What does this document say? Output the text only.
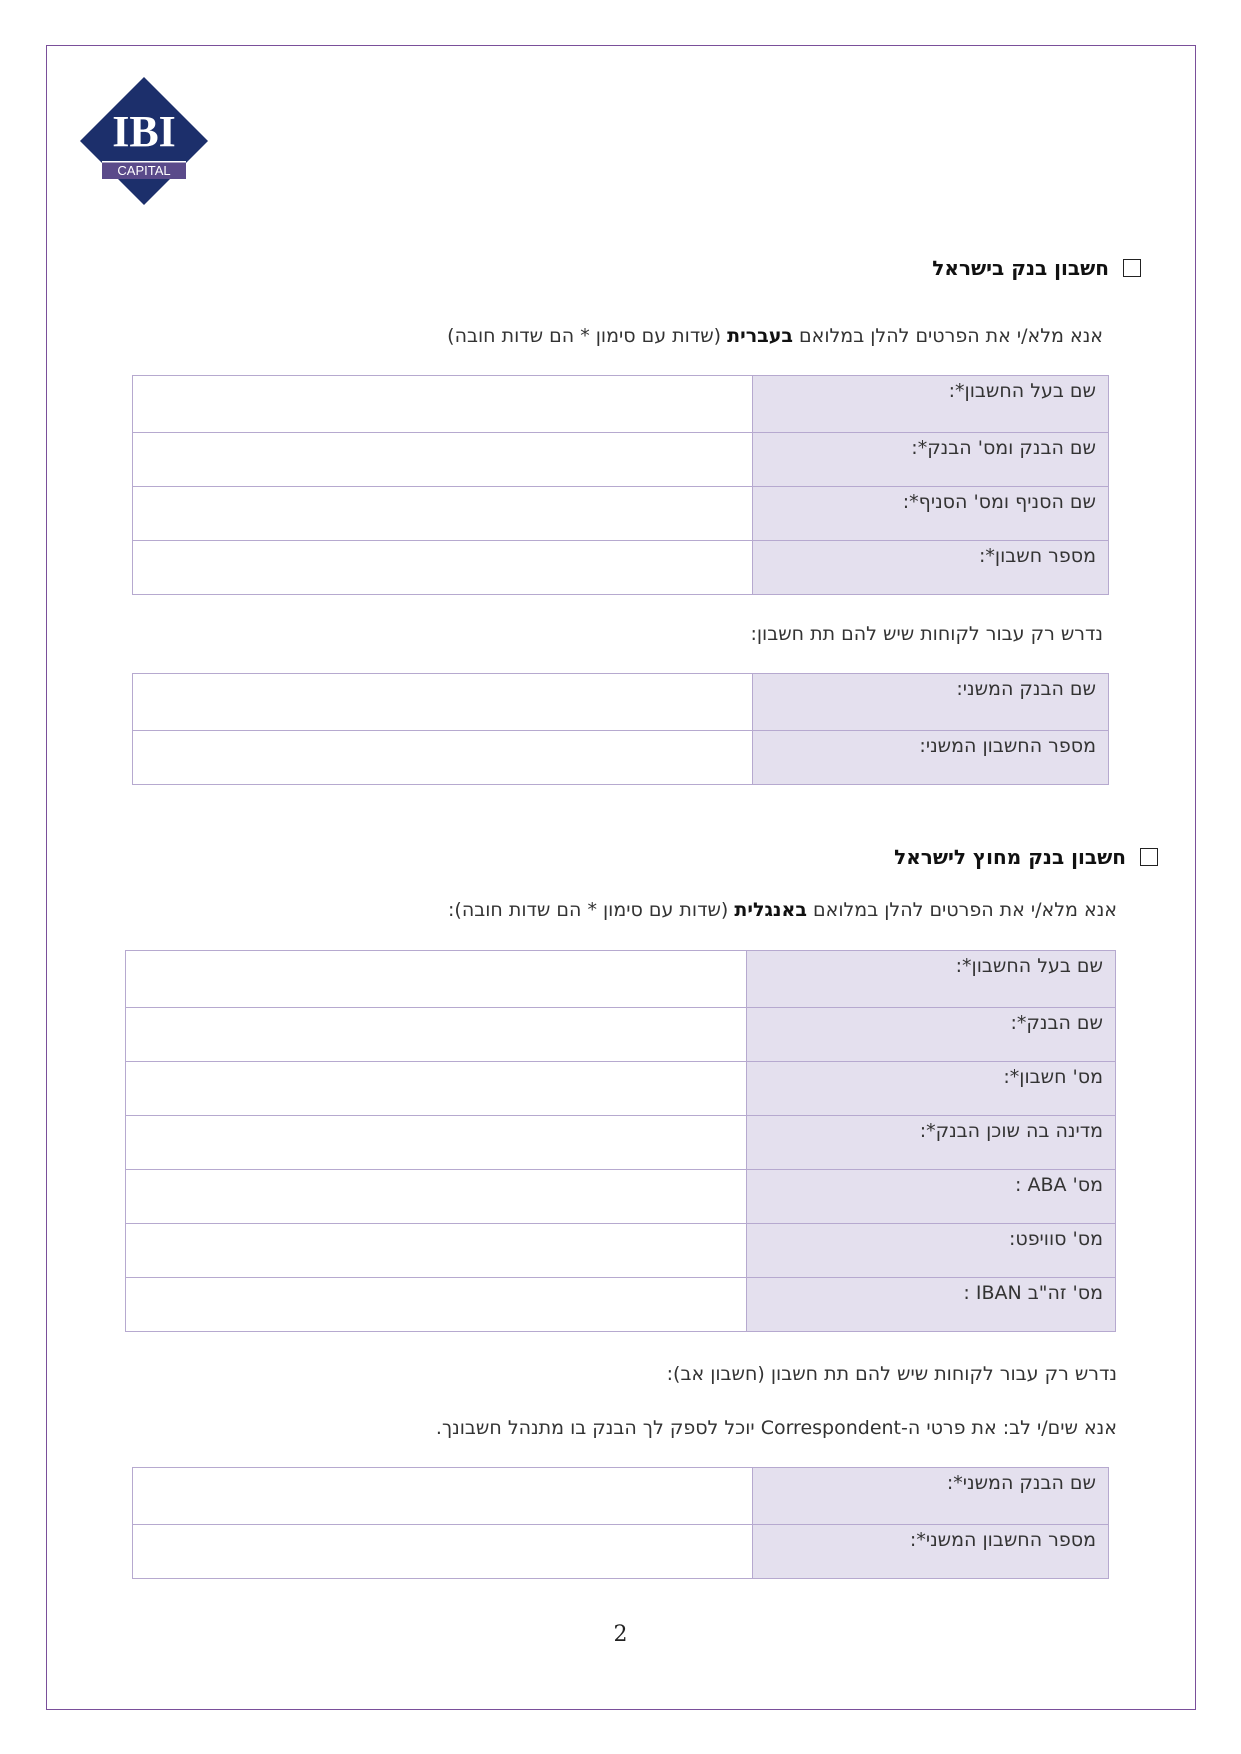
IBI
CAPITAL
חשבון בנק בישראל
אנא מלא/י את הפרטים להלן במלואם בעברית (שדות עם סימון * הם שדות חובה)
שם בעל החשבון*:	
שם הבנק ומס' הבנק*:	
שם הסניף ומס' הסניף*:	
מספר חשבון*:	
נדרש רק עבור לקוחות שיש להם תת חשבון:
שם הבנק המשני:	
מספר החשבון המשני:	
חשבון בנק מחוץ לישראל
אנא מלא/י את הפרטים להלן במלואם באנגלית (שדות עם סימון * הם שדות חובה):
שם בעל החשבון*:	
שם הבנק*:	
מס' חשבון*:	
מדינה בה שוכן הבנק*:	
מס' ABA :	
מס' סוויפט:	
מס' זה"ב IBAN :	
נדרש רק עבור לקוחות שיש להם תת חשבון (חשבון אב):
אנא שים/י לב: את פרטי ה-Correspondent יוכל לספק לך הבנק בו מתנהל חשבונך.
שם הבנק המשני*:	
מספר החשבון המשני*:	
2
